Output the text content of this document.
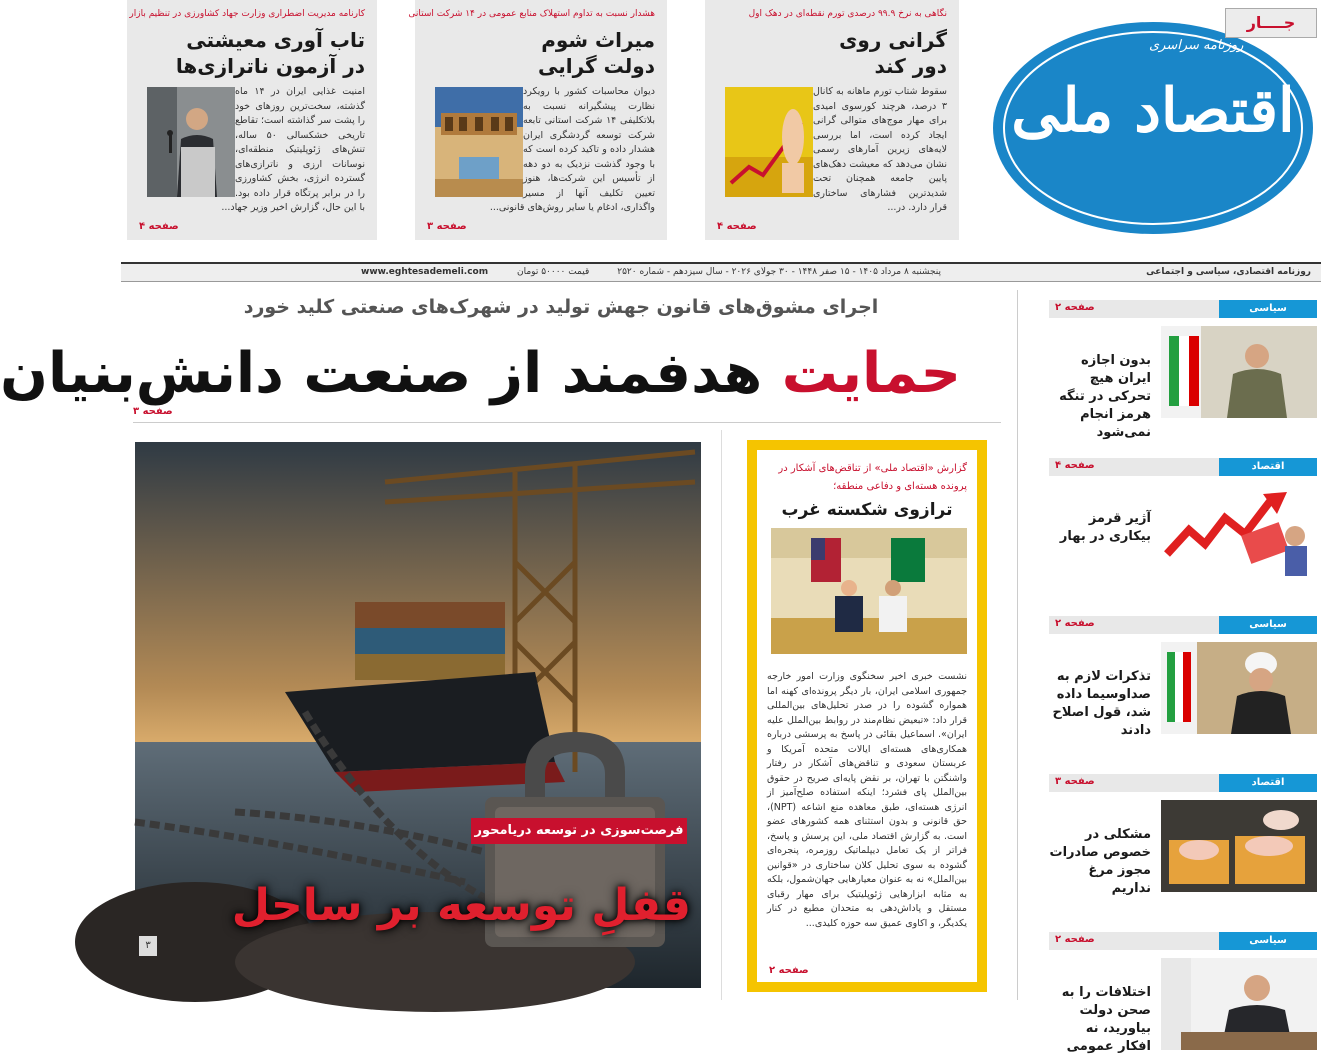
نگاهی به نرخ ۹۹.۹ درصدی تورم نقطه‌ای در دهک اول
گرانی روی
دور کند
سقوط شتاب تورم ماهانه به کانال ۳ درصد، هرچند کورسوی امیدی برای مهار موج‌های متوالی گرانی ایجاد کرده است، اما بررسی لایه‌های زیرین آمارهای رسمی نشان می‌دهد که معیشت دهک‌های پایین جامعه همچنان تحت شدیدترین فشارهای ساختاری قرار دارد. در...
صفحه ۴
هشدار نسبت به تداوم استهلاک منابع عمومی در ۱۴ شرکت استانی
میراث شوم
دولت گرایی
دیوان محاسبات کشور با رویکرد نظارت پیشگیرانه نسبت به بلاتکلیفی ۱۴ شرکت استانی تابعه شرکت توسعه گردشگری ایران هشدار داده و تاکید کرده است که با وجود گذشت نزدیک به دو دهه از تأسیس این شرکت‌ها، هنوز تعیین تکلیف آنها از مسیر واگذاری، ادغام یا سایر روش‌های قانونی...
صفحه ۳
کارنامه مدیریت اضطراری وزارت جهاد کشاورزی در تنظیم بازار
تاب آوری معیشتی
در آزمون ناترازی‌ها
امنیت غذایی ایران در ۱۴ ماه گذشته، سخت‌ترین روزهای خود را پشت سر گذاشته است؛ تقاطع تاریخی خشکسالی ۵۰ ساله، تنش‌های ژئوپلیتیک منطقه‌ای، نوسانات ارزی و ناترازی‌های گسترده انرژی، بخش کشاورزی را در برابر پرتگاه قرار داده بود. با این حال، گزارش اخیر وزیر جهاد...
صفحه ۴
جــــار
روزنامه سراسری
اقتصاد ملی
روزنامه اقتصادی، سیاسی و اجتماعی
پنجشنبه ۸ مرداد ۱۴۰۵ - ۱۵ صفر ۱۴۴۸ - ۳۰ جولای ۲۰۲۶ - سال سیزدهم - شماره ۲۵۲۰
قیمت ۵۰۰۰۰ تومان
www.eghtesademeli.com
اجرای مشوق‌های قانون جهش تولید در شهرک‌های صنعتی کلید خورد
حمایت هدفمند از صنعت دانش‌بنیان
صفحه ۳
فرصت‌سوزی در توسعه دریامحور
قفلِ توسعه بر ساحل
۳
گزارش «اقتصاد ملی» از تناقض‌های آشکار در
پرونده هسته‌ای و دفاعی منطقه؛
ترازوی شکسته غرب
نشست خبری اخیر سخنگوی وزارت امور خارجه جمهوری اسلامی ایران، بار دیگر پرونده‌ای کهنه اما همواره گشوده را در صدر تحلیل‌های بین‌المللی قرار داد: «تبعیض نظام‌مند در روابط بین‌الملل علیه ایران». اسماعیل بقائی در پاسخ به پرسشی درباره همکاری‌های هسته‌ای ایالات متحده آمریکا و عربستان سعودی و تناقض‌های آشکار در رفتار واشنگتن با تهران، بر نقض پایه‌ای صریح در حقوق بین‌الملل پای فشرد؛ اینکه استفاده صلح‌آمیز از انرژی هسته‌ای، طبق معاهده منع اشاعه (NPT)، حق قانونی و بدون استثنای همه کشورهای عضو است. به گزارش اقتصاد ملی، این پرسش و پاسخ، فراتر از یک تعامل دیپلماتیک روزمره، پنجره‌ای گشوده به سوی تحلیل کلان ساختاری در «قوانین بین‌الملل» نه به عنوان معیارهایی جهان‌شمول، بلکه به مثابه ابزارهایی ژئوپلیتیک برای مهار رقبای مستقل و پاداش‌دهی به متحدان مطیع در کنار یکدیگر، و اکاوی عمیق سه حوزه کلیدی...
صفحه ۲
سیاسی
صفحه ۲
بدون اجازه ایران هیچ تحرکی در تنگه هرمز انجام نمی‌شود
اقتصاد
صفحه ۴
آژیر قرمز بیکاری در بهار
سیاسی
صفحه ۲
تذکرات لازم به صداوسیما داده شد، قول اصلاح دادند
اقتصاد
صفحه ۳
مشکلی در خصوص صادرات مجوز مرغ نداریم
سیاسی
صفحه ۲
اختلافات را به صحن دولت بیاورید، نه افکار عمومی
